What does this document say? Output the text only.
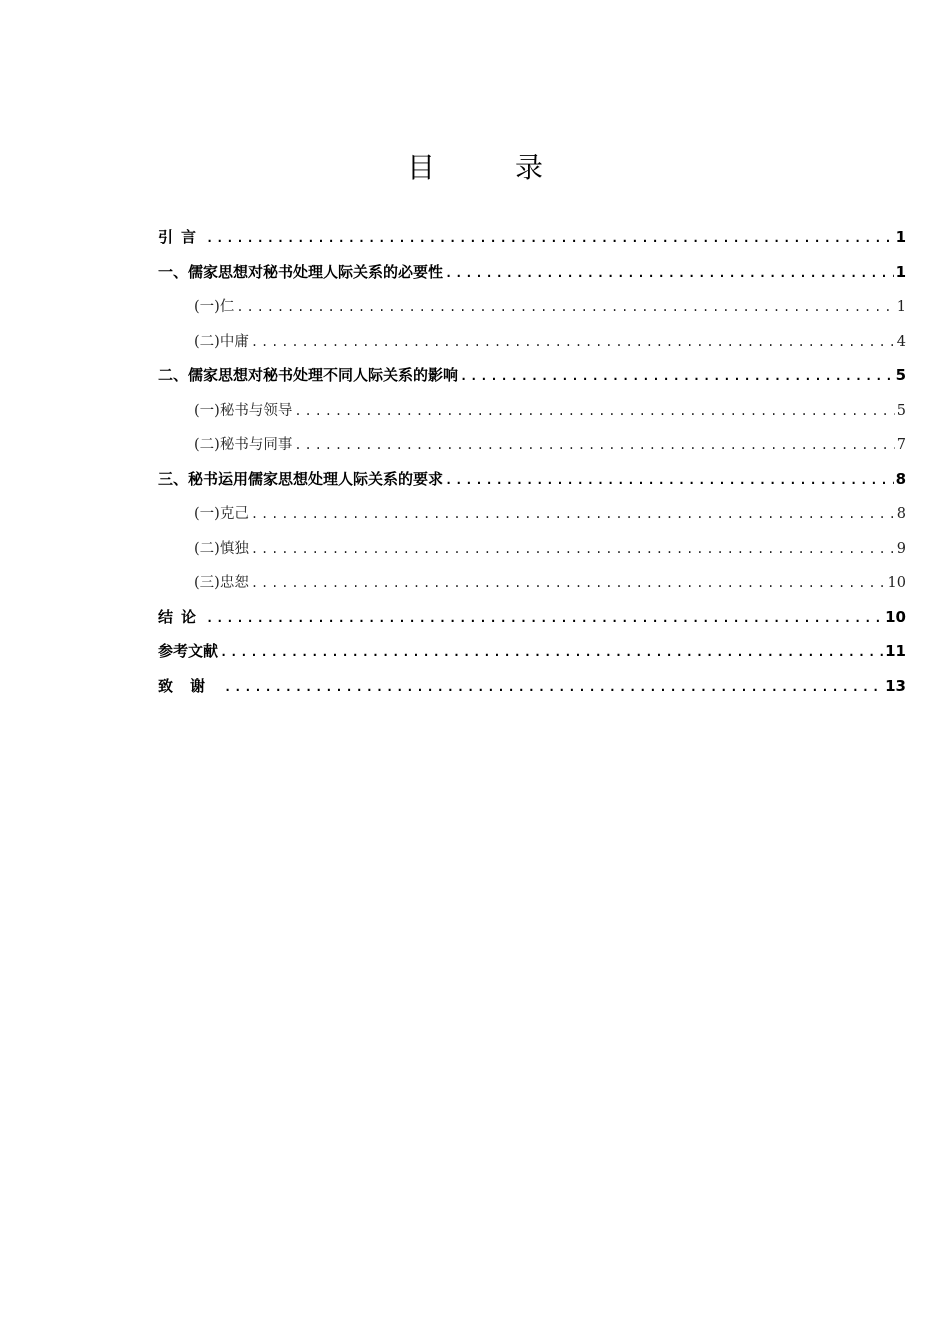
目　录
引言 .....	1
一、儒家思想对秘书处理人际关系的必要性 .....	1
(一)仁 .....	1
(二)中庸 .....	4
二、儒家思想对秘书处理不同人际关系的影响 .....	5
(一)秘书与领导 .....	5
(二)秘书与同事 .....	7
三、秘书运用儒家思想处理人际关系的要求 .....	8
(一)克己 .....	8
(二)慎独 .....	9
(三)忠恕 .....	10
结论 .....	10
参考文献 .....	11
致谢 .....	13
